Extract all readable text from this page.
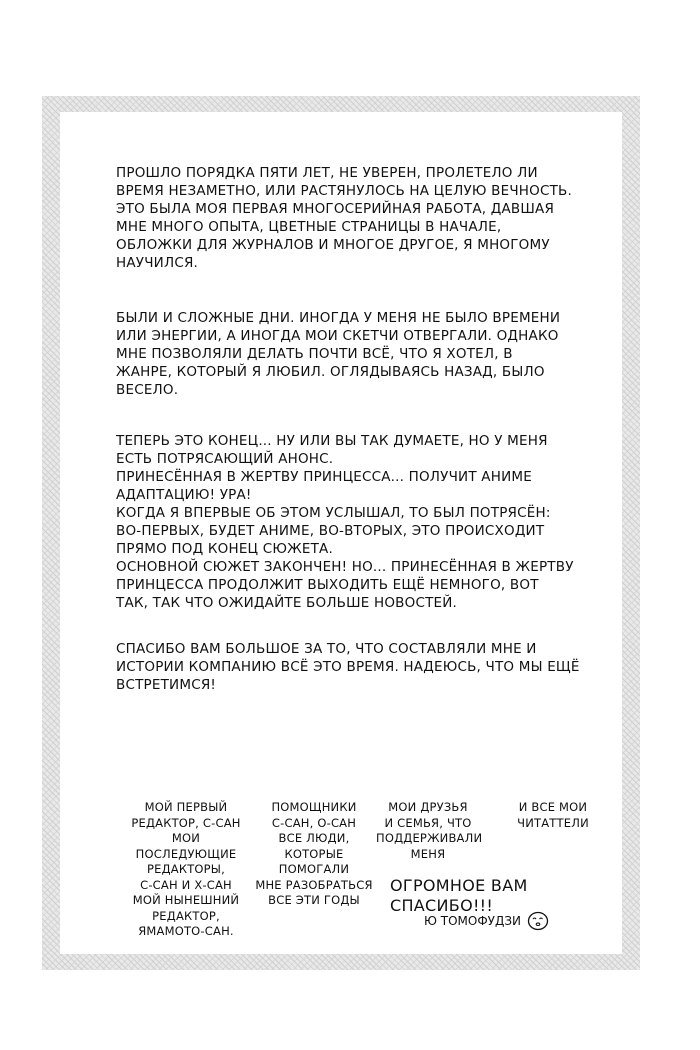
ПРОШЛО ПОРЯДКА ПЯТИ ЛЕТ, НЕ УВЕРЕН, ПРОЛЕТЕЛО ЛИ
ВРЕМЯ НЕЗАМЕТНО, ИЛИ РАСТЯНУЛОСЬ НА ЦЕЛУЮ ВЕЧНОСТЬ.
ЭТО БЫЛА МОЯ ПЕРВАЯ МНОГОСЕРИЙНАЯ РАБОТА, ДАВШАЯ
МНЕ МНОГО ОПЫТА, ЦВЕТНЫЕ СТРАНИЦЫ В НАЧАЛЕ,
ОБЛОЖКИ ДЛЯ ЖУРНАЛОВ И МНОГОЕ ДРУГОЕ, Я МНОГОМУ
НАУЧИЛСЯ.

БЫЛИ И СЛОЖНЫЕ ДНИ. ИНОГДА У МЕНЯ НЕ БЫЛО ВРЕМЕНИ
ИЛИ ЭНЕРГИИ, А ИНОГДА МОИ СКЕТЧИ ОТВЕРГАЛИ. ОДНАКО
МНЕ ПОЗВОЛЯЛИ ДЕЛАТЬ ПОЧТИ ВСЁ, ЧТО Я ХОТЕЛ, В
ЖАНРЕ, КОТОРЫЙ Я ЛЮБИЛ. ОГЛЯДЫВАЯСЬ НАЗАД, БЫЛО
ВЕСЕЛО.

ТЕПЕРЬ ЭТО КОНЕЦ... НУ ИЛИ ВЫ ТАК ДУМАЕТЕ, НО У МЕНЯ
ЕСТЬ ПОТРЯСАЮЩИЙ АНОНС.
ПРИНЕСЁННАЯ В ЖЕРТВУ ПРИНЦЕССА... ПОЛУЧИТ АНИМЕ
АДАПТАЦИЮ! УРА!
КОГДА Я ВПЕРВЫЕ ОБ ЭТОМ УСЛЫШАЛ, ТО БЫЛ ПОТРЯСЁН:
ВО-ПЕРВЫХ, БУДЕТ АНИМЕ, ВО-ВТОРЫХ, ЭТО ПРОИСХОДИТ
ПРЯМО ПОД КОНЕЦ СЮЖЕТА.
ОСНОВНОЙ СЮЖЕТ ЗАКОНЧЕН! НО... ПРИНЕСЁННАЯ В ЖЕРТВУ
ПРИНЦЕССА ПРОДОЛЖИТ ВЫХОДИТЬ ЕЩЁ НЕМНОГО, ВОТ
ТАК, ТАК ЧТО ОЖИДАЙТЕ БОЛЬШЕ НОВОСТЕЙ.

СПАСИБО ВАМ БОЛЬШОЕ ЗА ТО, ЧТО СОСТАВЛЯЛИ МНЕ И
ИСТОРИИ КОМПАНИЮ ВСЁ ЭТО ВРЕМЯ. НАДЕЮСЬ, ЧТО МЫ ЕЩЁ
ВСТРЕТИМСЯ!

МОЙ ПЕРВЫЙ
РЕДАКТОР, С-САН
МОИ ПОСЛЕДУЮЩИЕ
РЕДАКТОРЫ,
С-САН И Х-САН
МОЙ НЫНЕШНИЙ
РЕДАКТОР,
ЯМАМОТО-САН.

ПОМОЩНИКИ
С-САН, О-САН
ВСЕ ЛЮДИ,
КОТОРЫЕ ПОМОГАЛИ
МНЕ РАЗОБРАТЬСЯ
ВСЕ ЭТИ ГОДЫ

МОИ ДРУЗЬЯ
И СЕМЬЯ, ЧТО
ПОДДЕРЖИВАЛИ
МЕНЯ

И ВСЕ МОИ
ЧИТАТТЕЛИ

ОГРОМНОЕ ВАМ СПАСИБО!!!

Ю ТОМОФУДЗИ
